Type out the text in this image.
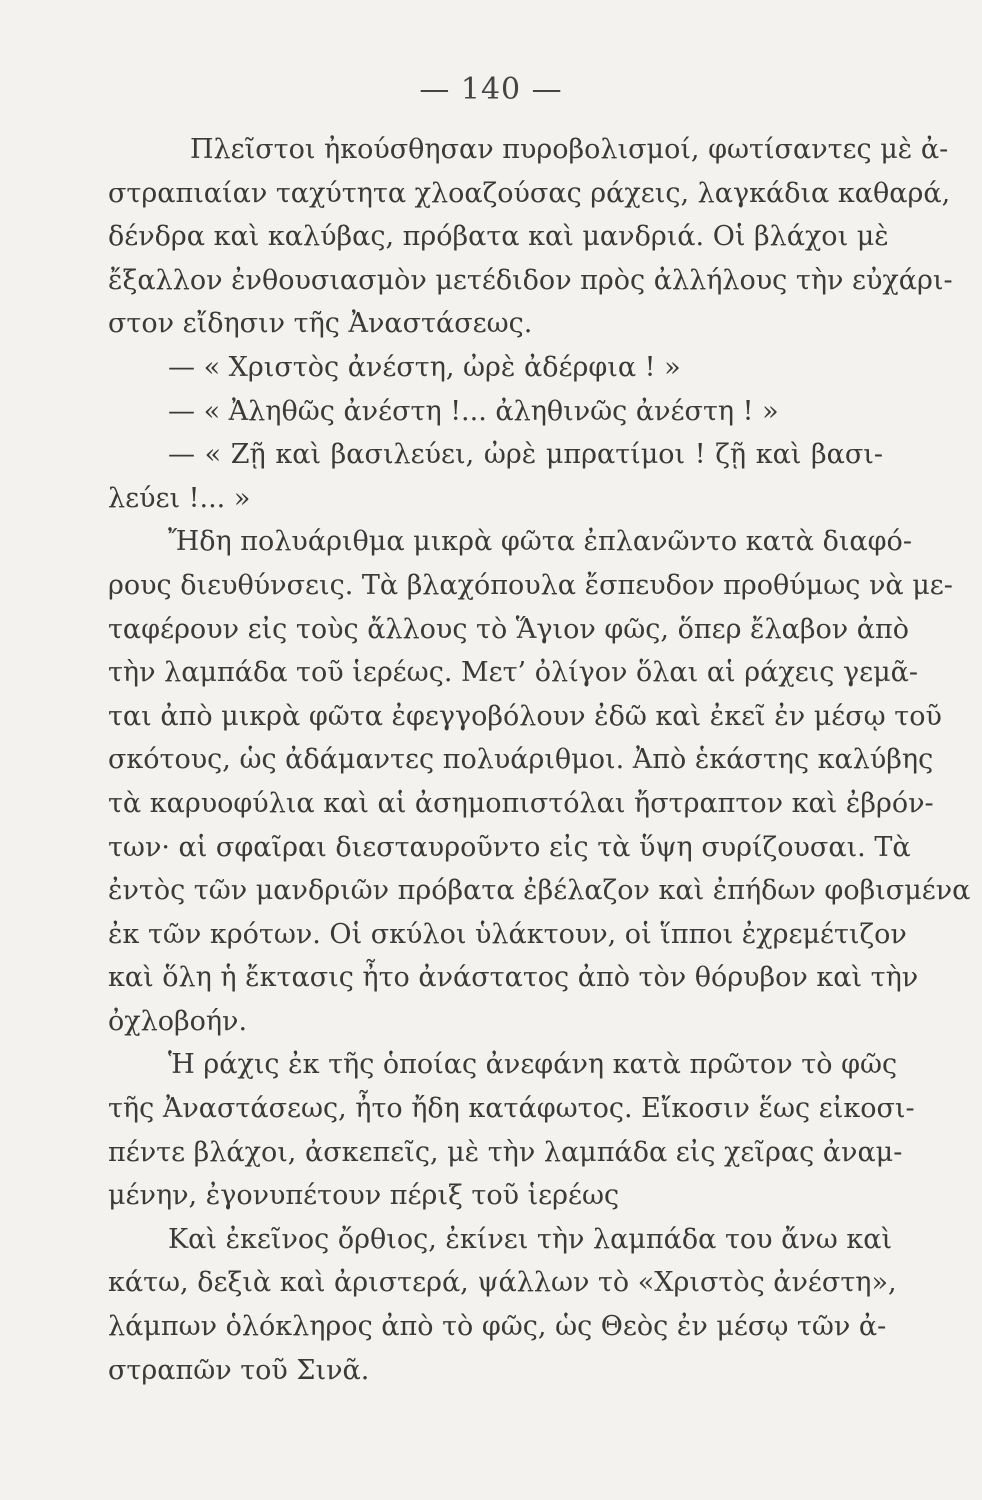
— 140 —
Πλεῖστοι ἠκούσθησαν πυροβολισμοί, φωτίσαντες μὲ ἀ-
στραπιαίαν ταχύτητα χλοαζούσας ράχεις, λαγκάδια καθαρά,
δένδρα καὶ καλύβας, πρόβατα καὶ μανδριά. Οἱ βλάχοι μὲ
ἔξαλλον ἐνθουσιασμὸν μετέδιδον πρὸς ἀλλήλους τὴν εὐχάρι-
στον εἴδησιν τῆς Ἀναστάσεως.
— « Χριστὸς ἀνέστη, ὠρὲ ἀδέρφια ! »
— « Ἀληθῶς ἀνέστη !... ἀληθινῶς ἀνέστη ! »
— « Ζῇ καὶ βασιλεύει, ὠρὲ μπρατίμοι ! ζῇ καὶ βασι-
λεύει !... »
Ἤδη πολυάριθμα μικρὰ φῶτα ἐπλανῶντο κατὰ διαφό-
ρους διευθύνσεις. Τὰ βλαχόπουλα ἔσπευδον προθύμως νὰ με-
ταφέρουν εἰς τοὺς ἄλλους τὸ Ἅγιον φῶς, ὅπερ ἔλαβον ἀπὸ
τὴν λαμπάδα τοῦ ἱερέως. Μετ’ ὀλίγον ὅλαι αἱ ράχεις γεμᾶ-
ται ἀπὸ μικρὰ φῶτα ἐφεγγοβόλουν ἐδῶ καὶ ἐκεῖ ἐν μέσῳ τοῦ
σκότους, ὡς ἀδάμαντες πολυάριθμοι. Ἀπὸ ἑκάστης καλύβης
τὰ καρυοφύλια καὶ αἱ ἀσημοπιστόλαι ἤστραπτον καὶ ἐβρόν-
των· αἱ σφαῖραι διεσταυροῦντο εἰς τὰ ὕψη συρίζουσαι. Τὰ
ἐντὸς τῶν μανδριῶν πρόβατα ἐβέλαζον καὶ ἐπήδων φοβισμένα
ἐκ τῶν κρότων. Οἱ σκύλοι ὑλάκτουν, οἱ ἵπποι ἐχρεμέτιζον
καὶ ὅλη ἡ ἔκτασις ἦτο ἀνάστατος ἀπὸ τὸν θόρυβον καὶ τὴν
ὀχλοβοήν.
Ἡ ράχις ἐκ τῆς ὁποίας ἀνεφάνη κατὰ πρῶτον τὸ φῶς
τῆς Ἀναστάσεως, ἦτο ἤδη κατάφωτος. Εἴκοσιν ἕως εἰκοσι-
πέντε βλάχοι, ἀσκεπεῖς, μὲ τὴν λαμπάδα εἰς χεῖρας ἀναμ-
μένην, ἐγονυπέτουν πέριξ τοῦ ἱερέως
Καὶ ἐκεῖνος ὄρθιος, ἐκίνει τὴν λαμπάδα του ἄνω καὶ
κάτω, δεξιὰ καὶ ἀριστερά, ψάλλων τὸ «Χριστὸς ἀνέστη»,
λάμπων ὁλόκληρος ἀπὸ τὸ φῶς, ὡς Θεὸς ἐν μέσῳ τῶν ἀ-
στραπῶν τοῦ Σινᾶ.
